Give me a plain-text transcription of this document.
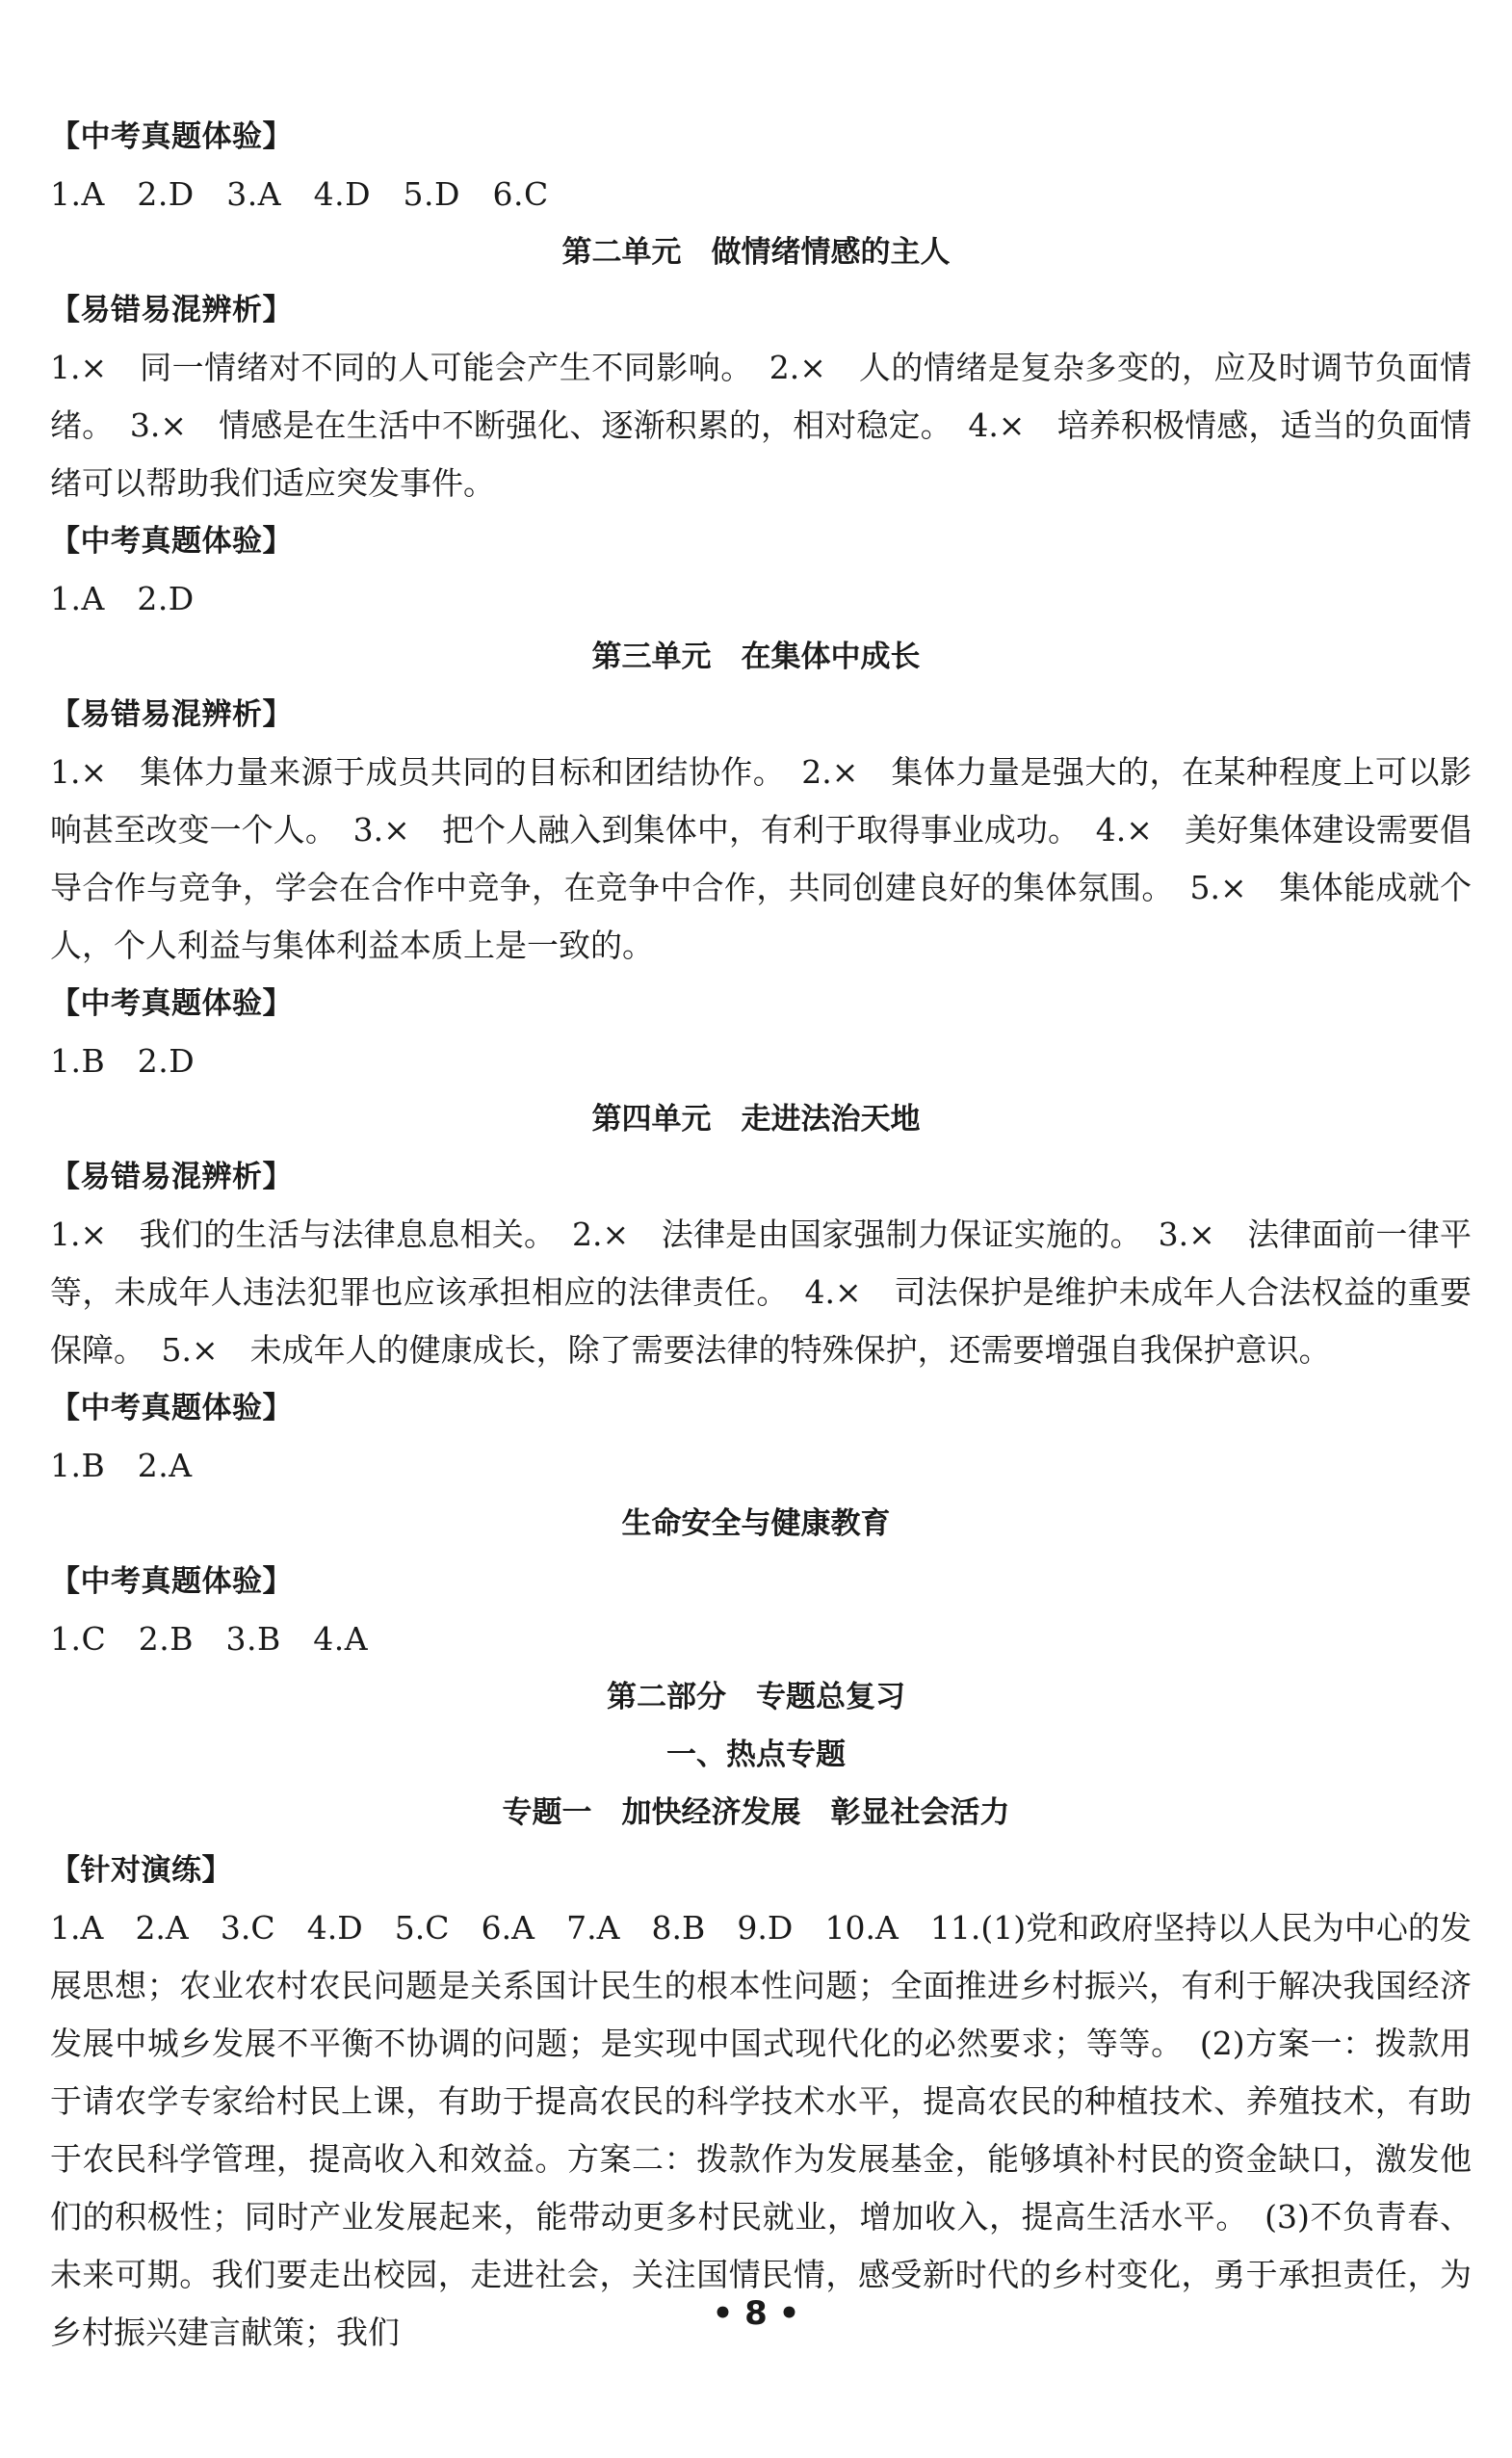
【中考真题体验】
1.A　2.D　3.A　4.D　5.D　6.C
第二单元　做情绪情感的主人
【易错易混辨析】
1.×　同一情绪对不同的人可能会产生不同影响。　2.×　人的情绪是复杂多变的，应及时调节负面情绪。　3.×　情感是在生活中不断强化、逐渐积累的，相对稳定。　4.×　培养积极情感，适当的负面情绪可以帮助我们适应突发事件。
【中考真题体验】
1.A　2.D
第三单元　在集体中成长
【易错易混辨析】
1.×　集体力量来源于成员共同的目标和团结协作。　2.×　集体力量是强大的，在某种程度上可以影响甚至改变一个人。　3.×　把个人融入到集体中，有利于取得事业成功。　4.×　美好集体建设需要倡导合作与竞争，学会在合作中竞争，在竞争中合作，共同创建良好的集体氛围。　5.×　集体能成就个人，个人利益与集体利益本质上是一致的。
【中考真题体验】
1.B　2.D
第四单元　走进法治天地
【易错易混辨析】
1.×　我们的生活与法律息息相关。　2.×　法律是由国家强制力保证实施的。　3.×　法律面前一律平等，未成年人违法犯罪也应该承担相应的法律责任。　4.×　司法保护是维护未成年人合法权益的重要保障。　5.×　未成年人的健康成长，除了需要法律的特殊保护，还需要增强自我保护意识。
【中考真题体验】
1.B　2.A
生命安全与健康教育
【中考真题体验】
1.C　2.B　3.B　4.A
第二部分　专题总复习
一、热点专题
专题一　加快经济发展　彰显社会活力
【针对演练】
1.A　2.A　3.C　4.D　5.C　6.A　7.A　8.B　9.D　10.A　11.(1)党和政府坚持以人民为中心的发展思想；农业农村农民问题是关系国计民生的根本性问题；全面推进乡村振兴，有利于解决我国经济发展中城乡发展不平衡不协调的问题；是实现中国式现代化的必然要求；等等。　(2)方案一：拨款用于请农学专家给村民上课，有助于提高农民的科学技术水平，提高农民的种植技术、养殖技术，有助于农民科学管理，提高收入和效益。方案二：拨款作为发展基金，能够填补村民的资金缺口，激发他们的积极性；同时产业发展起来，能带动更多村民就业，增加收入，提高生活水平。　(3)不负青春、未来可期。我们要走出校园，走进社会，关注国情民情，感受新时代的乡村变化，勇于承担责任，为乡村振兴建言献策；我们	• 8 •
